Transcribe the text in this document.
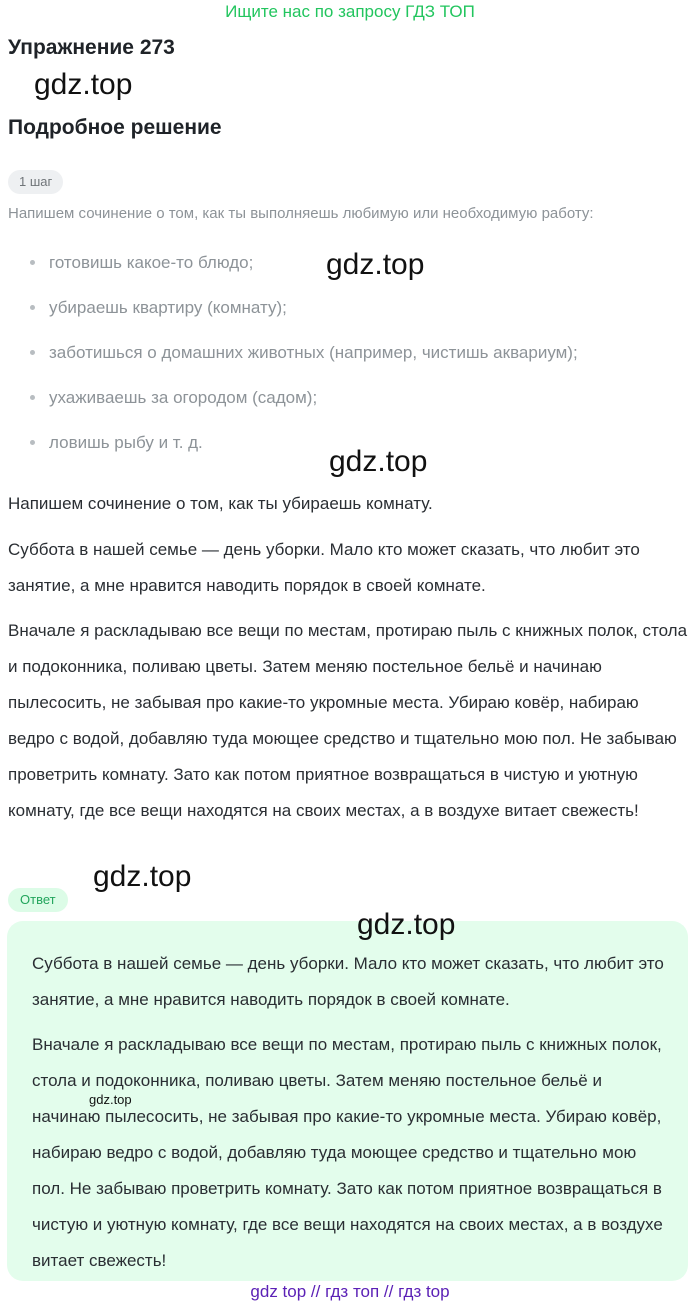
Ищите нас по запросу ГДЗ ТОП
Упражнение 273
gdz.top
Подробное решение
1 шаг
Напишем сочинение о том, как ты выполняешь любимую или необходимую работу:
готовишь какое-то блюдо;
убираешь квартиру (комнату);
заботишься о домашних животных (например, чистишь аквариум);
ухаживаешь за огородом (садом);
ловишь рыбу и т. д.
gdz.top
gdz.top

Напишем сочинение о том, как ты убираешь комнату.

Суббота в нашей семье — день уборки. Мало кто может сказать, что любит это занятие, а мне нравится наводить порядок в своей комнате.

Вначале я раскладываю все вещи по местам, протираю пыль с книжных полок, стола и подоконника, поливаю цветы. Затем меняю постельное бельё и начинаю пылесосить, не забывая про какие-то укромные места. Убираю ковёр, набираю ведро с водой, добавляю туда моющее средство и тщательно мою пол. Не забываю проветрить комнату. Зато как потом приятное возвращаться в чистую и уютную комнату, где все вещи находятся на своих местах, а в воздухе витает свежесть!

gdz.top
Ответ
gdz.top

Суббота в нашей семье — день уборки. Мало кто может сказать, что любит это занятие, а мне нравится наводить порядок в своей комнате.

Вначале я раскладываю все вещи по местам, протираю пыль с книжных полок, стола и подоконника, поливаю цветы. Затем меняю постельное бельё и начинаю пылесосить, не забывая про какие-то укромные места. Убираю ковёр, набираю ведро с водой, добавляю туда моющее средство и тщательно мою пол. Не забываю проветрить комнату. Зато как потом приятное возвращаться в чистую и уютную комнату, где все вещи находятся на своих местах, а в воздухе витает свежесть!

gdz.top
gdz top // гдз топ // гдз top
